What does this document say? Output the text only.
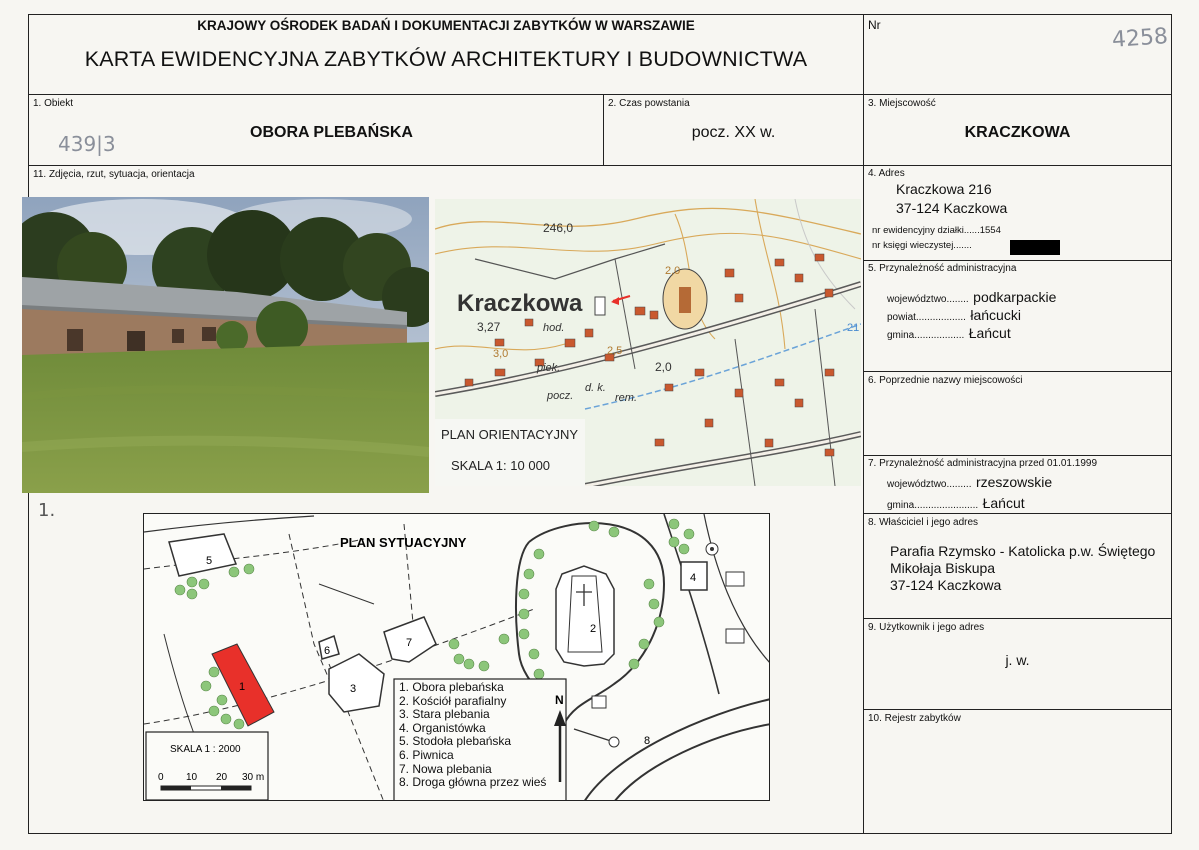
KRAJOWY OŚRODEK BADAŃ I DOKUMENTACJI ZABYTKÓW W WARSZAWIE
KARTA EWIDENCYJNA ZABYTKÓW ARCHITEKTURY I BUDOWNICTWA
Nr	4258
1. Obiekt
OBORA PLEBAŃSKA
439|3
2. Czas powstania
pocz. XX w.
3. Miejscowość
KRACZKOWA
11. Zdjęcia, rzut, sytuacja, orientacja
1.
246,0
Kraczkowa
3,27	hod.
piek.
2,0
2,0
2,5
3,0
d. k.
pocz.	rem.
21
PLAN ORIENTACYJNY
SKALA 1: 10 000
1
2
3
4
5
6
7
8
PLAN SYTUACYJNY
SKALA 1 : 2000
0 10 20 30 m
N
1. Obora plebańska
2. Kościół parafialny
3. Stara plebania
4. Organistówka
5. Stodoła plebańska
6. Piwnica
7. Nowa plebania
8. Droga główna przez wieś
4. Adres
Kraczkowa 216
37-124 Kaczkowa
nr ewidencyjny działki......1554
nr księgi wieczystej.......
5. Przynależność administracyjna
województwo........ podkarpackie
powiat.................. łańcucki
gmina.................. Łańcut
6. Poprzednie nazwy miejscowości
7. Przynależność administracyjna przed 01.01.1999
województwo......... rzeszowskie
gmina....................... Łańcut
8. Właściciel i jego adres
Parafia Rzymsko - Katolicka p.w. Świętego
Mikołaja Biskupa
37-124 Kaczkowa
9. Użytkownik i jego adres
j. w.
10. Rejestr zabytków
